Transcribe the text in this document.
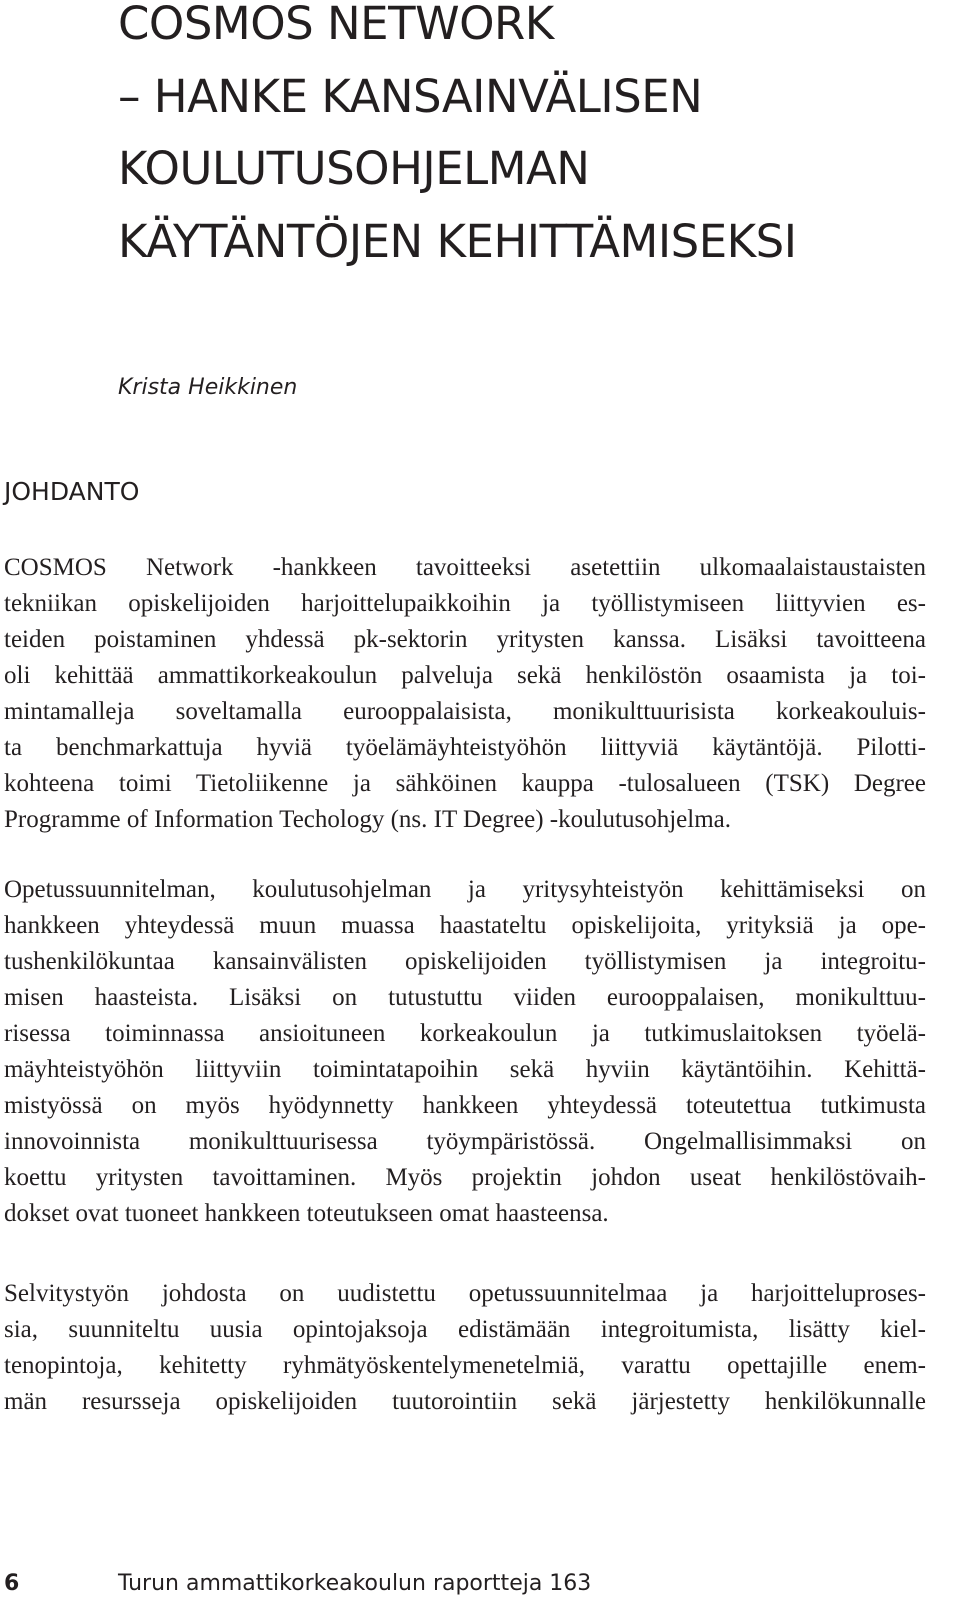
COSMOS NETWORK
– HANKE KANSAINVÄLISEN
KOULUTUSOHJELMAN
KÄYTÄNTÖJEN KEHITTÄMISEKSI
Krista Heikkinen
JOHDANTO

COSMOS Network -hankkeen tavoitteeksi asetettiin ulkomaalaistaustaisten
tekniikan opiskelijoiden harjoittelupaikkoihin ja työllistymiseen liittyvien es-
teiden poistaminen yhdessä pk-sektorin yritysten kanssa. Lisäksi tavoitteena
oli kehittää ammattikorkeakoulun palveluja sekä henkilöstön osaamista ja toi-
mintamalleja soveltamalla eurooppalaisista, monikulttuurisista korkeakouluis-
ta benchmarkattuja hyviä työelämäyhteistyöhön liittyviä käytäntöjä. Pilotti-
kohteena toimi Tietoliikenne ja sähköinen kauppa -tulosalueen (TSK) Degree
Programme of Information Techology (ns. IT Degree) -koulutusohjelma.

Opetussuunnitelman, koulutusohjelman ja yritysyhteistyön kehittämiseksi on
hankkeen yhteydessä muun muassa haastateltu opiskelijoita, yrityksiä ja ope-
tushenkilökuntaa kansainvälisten opiskelijoiden työllistymisen ja integroitu-
misen haasteista. Lisäksi on tutustuttu viiden eurooppalaisen, monikulttuu-
risessa toiminnassa ansioituneen korkeakoulun ja tutkimuslaitoksen työelä-
mäyhteistyöhön liittyviin toimintatapoihin sekä hyviin käytäntöihin. Kehittä-
mistyössä on myös hyödynnetty hankkeen yhteydessä toteutettua tutkimusta
innovoinnista monikulttuurisessa työympäristössä. Ongelmallisimmaksi on
koettu yritysten tavoittaminen. Myös projektin johdon useat henkilöstövaih-
dokset ovat tuoneet hankkeen toteutukseen omat haasteensa.

Selvitystyön johdosta on uudistettu opetussuunnitelmaa ja harjoitteluproses-
sia, suunniteltu uusia opintojaksoja edistämään integroitumista, lisätty kiel-
tenopintoja, kehitetty ryhmätyöskentelymenetelmiä, varattu opettajille enem-
män resursseja opiskelijoiden tuutorointiin sekä järjestetty henkilökunnalle

6	Turun ammattikorkeakoulun raportteja 163
